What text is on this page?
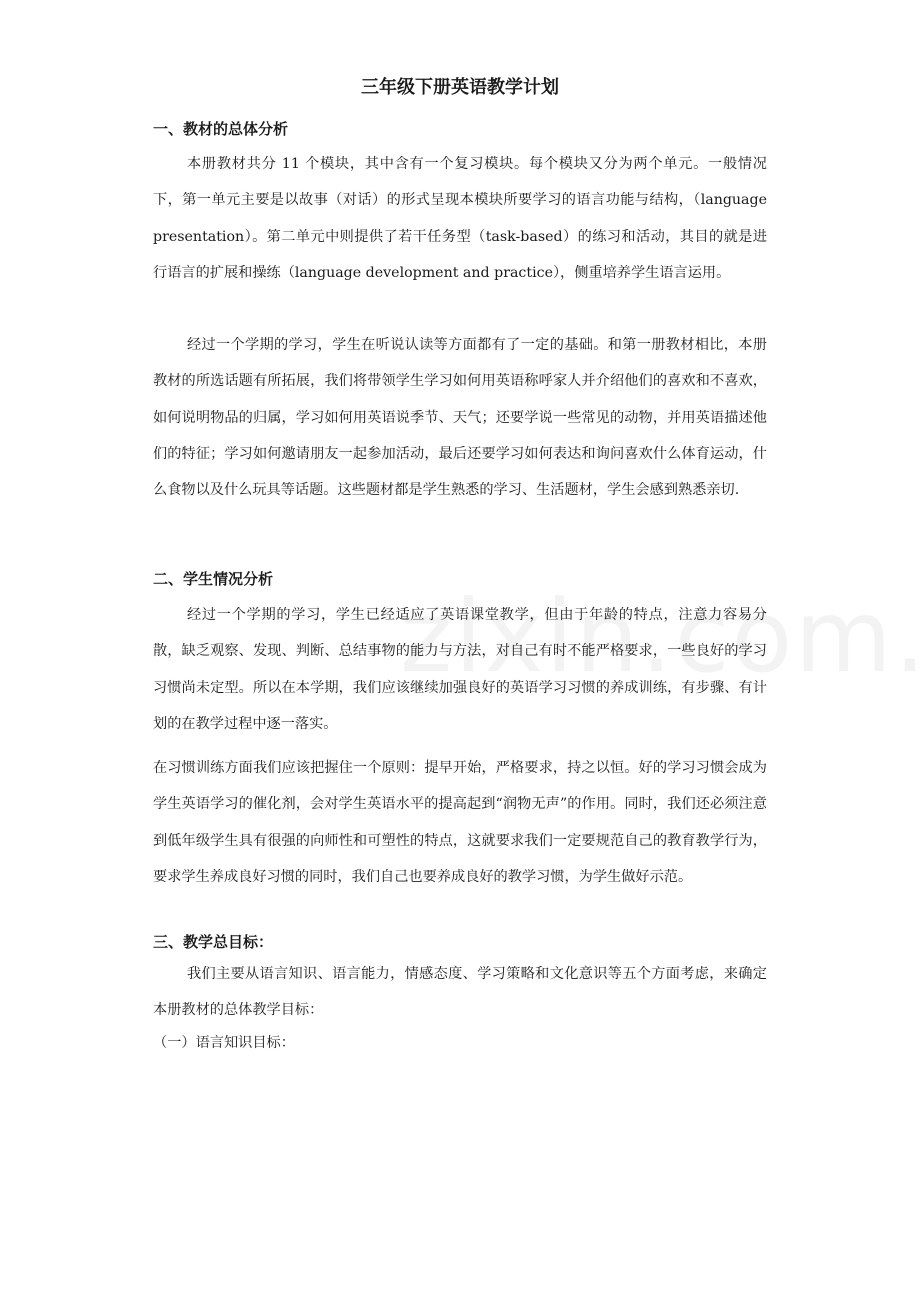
三年级下册英语教学计划
一、教材的总体分析

本册教材共分 11 个模块，其中含有一个复习模块。每个模块又分为两个单元。一般情况下，第一单元主要是以故事（对话）的形式呈现本模块所要学习的语言功能与结构，（language presentation）。第二单元中则提供了若干任务型（task-based）的练习和活动，其目的就是进行语言的扩展和操练（language development and practice），侧重培养学生语言运用。

经过一个学期的学习，学生在听说认读等方面都有了一定的基础。和第一册教材相比，本册教材的所选话题有所拓展，我们将带领学生学习如何用英语称呼家人并介绍他们的喜欢和不喜欢，如何说明物品的归属，学习如何用英语说季节、天气；还要学说一些常见的动物，并用英语描述他们的特征；学习如何邀请朋友一起参加活动，最后还要学习如何表达和询问喜欢什么体育运动，什么食物以及什么玩具等话题。这些题材都是学生熟悉的学习、生活题材，学生会感到熟悉亲切.

二、学生情况分析

经过一个学期的学习，学生已经适应了英语课堂教学，但由于年龄的特点，注意力容易分散，缺乏观察、发现、判断、总结事物的能力与方法，对自己有时不能严格要求，一些良好的学习习惯尚未定型。所以在本学期，我们应该继续加强良好的英语学习习惯的养成训练，有步骤、有计划的在教学过程中逐一落实。

在习惯训练方面我们应该把握住一个原则：提早开始，严格要求，持之以恒。好的学习习惯会成为学生英语学习的催化剂，会对学生英语水平的提高起到“润物无声”的作用。同时，我们还必须注意到低年级学生具有很强的向师性和可塑性的特点，这就要求我们一定要规范自己的教育教学行为，要求学生养成良好习惯的同时，我们自己也要养成良好的教学习惯，为学生做好示范。

三、教学总目标：

我们主要从语言知识、语言能力，情感态度、学习策略和文化意识等五个方面考虑，来确定本册教材的总体教学目标：

（一）语言知识目标：
